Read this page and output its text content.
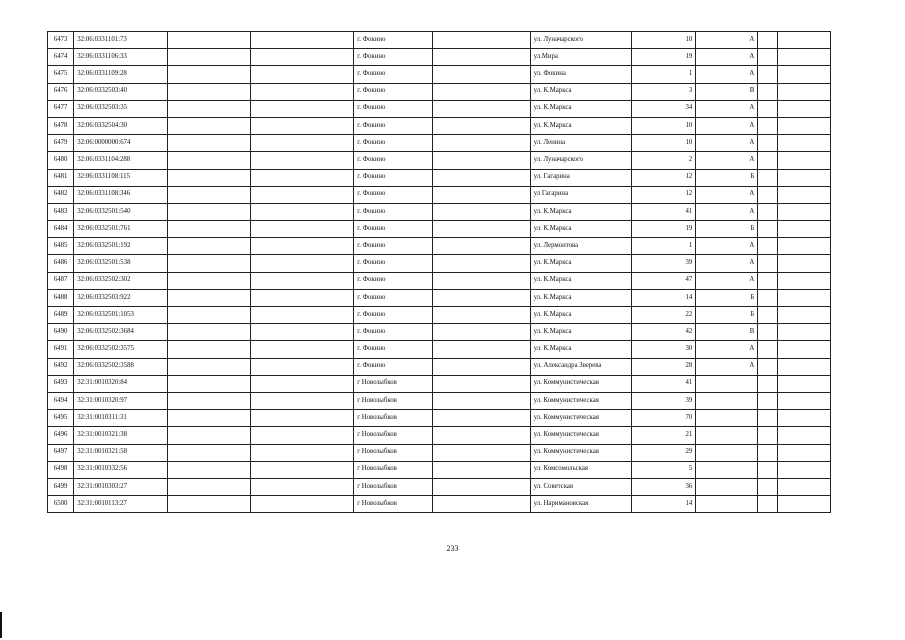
6473	32:06:0331101:73			г. Фокино		ул. Луначарского	10	А		
6474	32:06:0331106:33			г. Фокино		ул.Мира	19	А		
6475	32:06:0331109:28			г. Фокино		ул. Фокина	1	А		
6476	32:06:0332503:40			г. Фокино		ул. К.Маркса	3	В		
6477	32:06:0332503:35			г. Фокино		ул. К.Маркса	34	А		
6478	32:06:0332504:30			г. Фокино		ул. К.Маркса	10	А		
6479	32:06:0000000:674			г. Фокино		ул. Ленина	10	А		
6480	32:06:0331104:288			г. Фокино		ул. Луначарского	2	А		
6481	32:06:0331108:115			г. Фокино		ул. Гагарина	12	Б		
6482	32:06:0331108:346			г. Фокино		ул Гагарина	12	А		
6483	32:06:0332501:540			г. Фокино		ул. К.Маркса	41	А		
6484	32:06:0332501:761			г. Фокино		ул. К.Маркса	19	Б		
6485	32:06:0332501:192			г. Фокино		ул. Лермонтова	1	А		
6486	32:06:0332501:538			г. Фокино		ул. К.Маркса	39	А		
6487	32:06:0332502:302			г. Фокино		ул. К.Маркса	47	А		
6488	32:06:0332503:922			г. Фокино		ул. К.Маркса	14	Б		
6489	32:06:0332501:1053			г. Фокино		ул. К.Маркса	22	Б		
6490	32:06:0332502:3684			г. Фокино		ул. К.Маркса	42	В		
6491	32:06:0332502:3575			г. Фокино		ул. К.Маркса	30	А		
6492	32:06:0332502:3588			г. Фокино		ул. Александра Зверева	28	А		
6493	32:31:0010320:84			г Новозыбков		ул. Коммунистическая	41			
6494	32:31:0010320:97			г Новозыбков		ул. Коммунистическая	39			
6495	32:31:0010311:31			г Новозыбков		ул. Коммунистическая	70			
6496	32:31:0010321:38			г Новозыбков		ул. Коммунистическая	21			
6497	32:31:0010321:58			г Новозыбков		ул. Коммунистическая	29			
6498	32:31:0010332:56			г Новозыбков		ул. Комсомольская	5			
6499	32:31:0010303:27			г Новозыбков		ул. Советская	36			
6500	32:31:0010113:27			г Новозыбков		ул. Наримановская	14			
233
